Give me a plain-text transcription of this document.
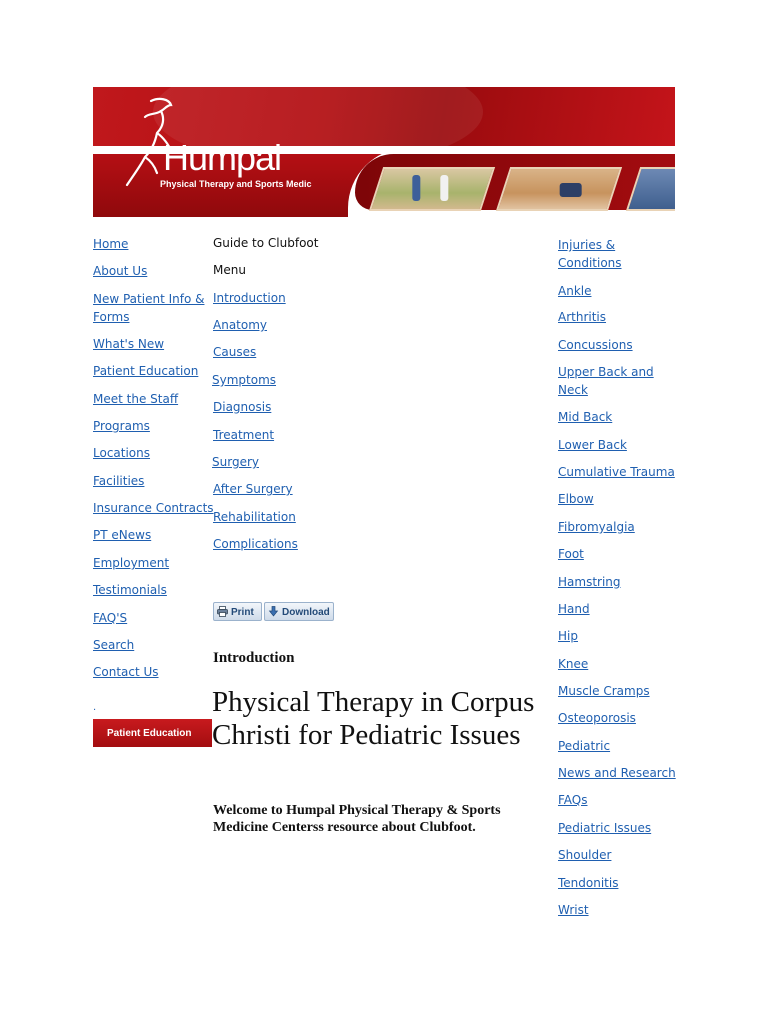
Humpal
Physical Therapy and Sports Medic
Home
About Us
New Patient Info & Forms
What's New
Patient Education
Meet the Staff
Programs
Locations
Facilities
Insurance Contracts
PT eNews
Employment
Testimonials
FAQ'S
Search
Contact Us
.
Patient Education
Guide to Clubfoot
Menu
Introduction
Anatomy
Causes
Symptoms
Diagnosis
Treatment
Surgery
After Surgery
Rehabilitation
Complications
Print	Download
Introduction
Physical Therapy in Corpus Christi for Pediatric Issues
Welcome to Humpal Physical Therapy & Sports Medicine Centerss resource about Clubfoot.
Injuries & Conditions
Ankle
Arthritis
Concussions
Upper Back and Neck
Mid Back
Lower Back
Cumulative Trauma
Elbow
Fibromyalgia
Foot
Hamstring
Hand
Hip
Knee
Muscle Cramps
Osteoporosis
Pediatric
News and Research
FAQs
Pediatric Issues
Shoulder
Tendonitis
Wrist
